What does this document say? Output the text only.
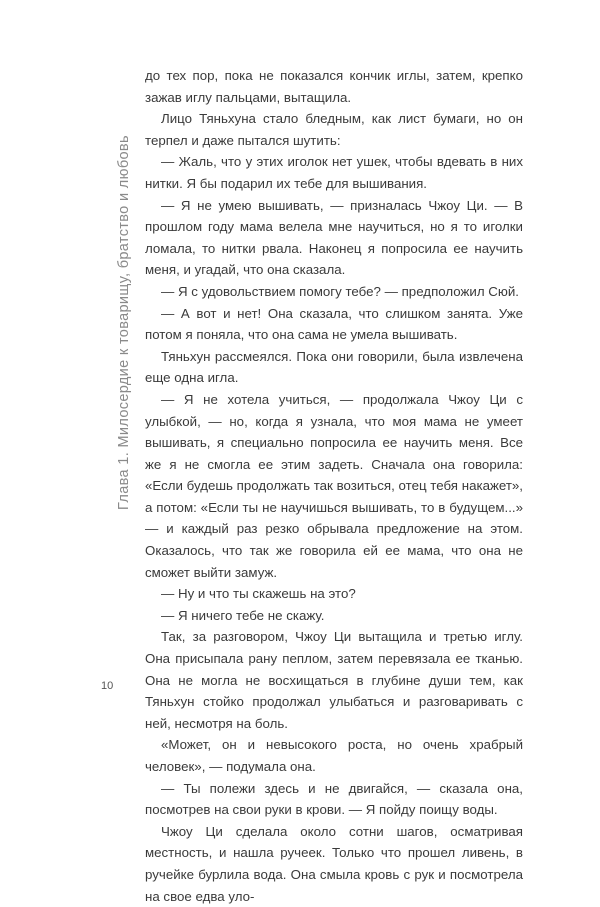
Глава 1. Милосердие к товарищу, братство и любовь

до тех пор, пока не показался кончик иглы, затем, крепко зажав иглу пальцами, вытащила.

Лицо Тяньхуна стало бледным, как лист бумаги, но он терпел и даже пытался шутить:

— Жаль, что у этих иголок нет ушек, чтобы вдевать в них нитки. Я бы подарил их тебе для вышивания.

— Я не умею вышивать, — призналась Чжоу Ци. — В прошлом году мама велела мне научиться, но я то иголки ломала, то нитки рвала. Наконец я попросила ее научить меня, и угадай, что она сказала.

— Я с удовольствием помогу тебе? — предположил Сюй.

— А вот и нет! Она сказала, что слишком занята. Уже потом я поняла, что она сама не умела вышивать.

Тяньхун рассмеялся. Пока они говорили, была извлечена еще одна игла.

— Я не хотела учиться, — продолжала Чжоу Ци с улыбкой, — но, когда я узнала, что моя мама не умеет вышивать, я специально попросила ее научить меня. Все же я не смогла ее этим задеть. Сначала она говорила: «Если будешь продолжать так возиться, отец тебя накажет», а потом: «Если ты не научишься вышивать, то в будущем...» — и каждый раз резко обрывала предложение на этом. Оказалось, что так же говорила ей ее мама, что она не сможет выйти замуж.

— Ну и что ты скажешь на это?

— Я ничего тебе не скажу.

Так, за разговором, Чжоу Ци вытащила и третью иглу. Она присыпала рану пеплом, затем перевязала ее тканью. Она не могла не восхищаться в глубине души тем, как Тяньхун стойко продолжал улыбаться и разговаривать с ней, несмотря на боль.

«Может, он и невысокого роста, но очень храбрый человек», — подумала она.

— Ты полежи здесь и не двигайся, — сказала она, посмотрев на свои руки в крови. — Я пойду поищу воды.

Чжоу Ци сделала около сотни шагов, осматривая местность, и нашла ручеек. Только что прошел ливень, в ручейке бурлила вода. Она смыла кровь с рук и посмотрела на свое едва уло-

10
